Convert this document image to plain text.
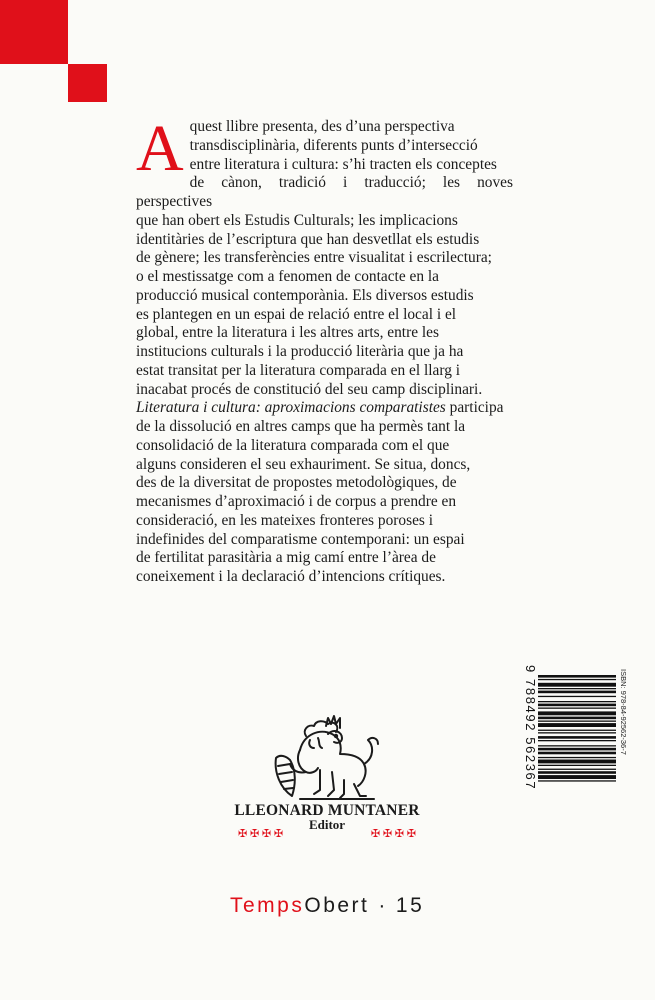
A quest llibre presenta, des d’una perspectiva
transdisciplinària, diferents punts d’intersecció
entre literatura i cultura: s’hi tracten els conceptes
de cànon, tradició i traducció; les noves perspectives
que han obert els Estudis Culturals; les implicacions
identitàries de l’escriptura que han desvetllat els estudis
de gènere; les transferències entre visualitat i escrilectura;
o el mestissatge com a fenomen de contacte en la
producció musical contemporània. Els diversos estudis
es plantegen en un espai de relació entre el local i el
global, entre la literatura i les altres arts, entre les
institucions culturals i la producció literària que ja ha
estat transitat per la literatura comparada en el llarg i
inacabat procés de constitució del seu camp disciplinari.
Literatura i cultura: aproximacions comparatistes participa
de la dissolució en altres camps que ha permès tant la
consolidació de la literatura comparada com el que
alguns consideren el seu exhauriment. Se situa, doncs,
des de la diversitat de propostes metodològiques, de
mecanismes d’aproximació i de corpus a prendre en
consideració, en les mateixes fronteres poroses i
indefinides del comparatisme contemporani: un espai
de fertilitat parasitària a mig camí entre l’àrea de
coneixement i la declaració d’intencions crítiques.
LLEONARD MUNTANER
Editor
✠ ✠ ✠ ✠	✠ ✠ ✠ ✠
ISBN: 978-84-92562-36-7
9 788492 562367
TempsObert · 15
